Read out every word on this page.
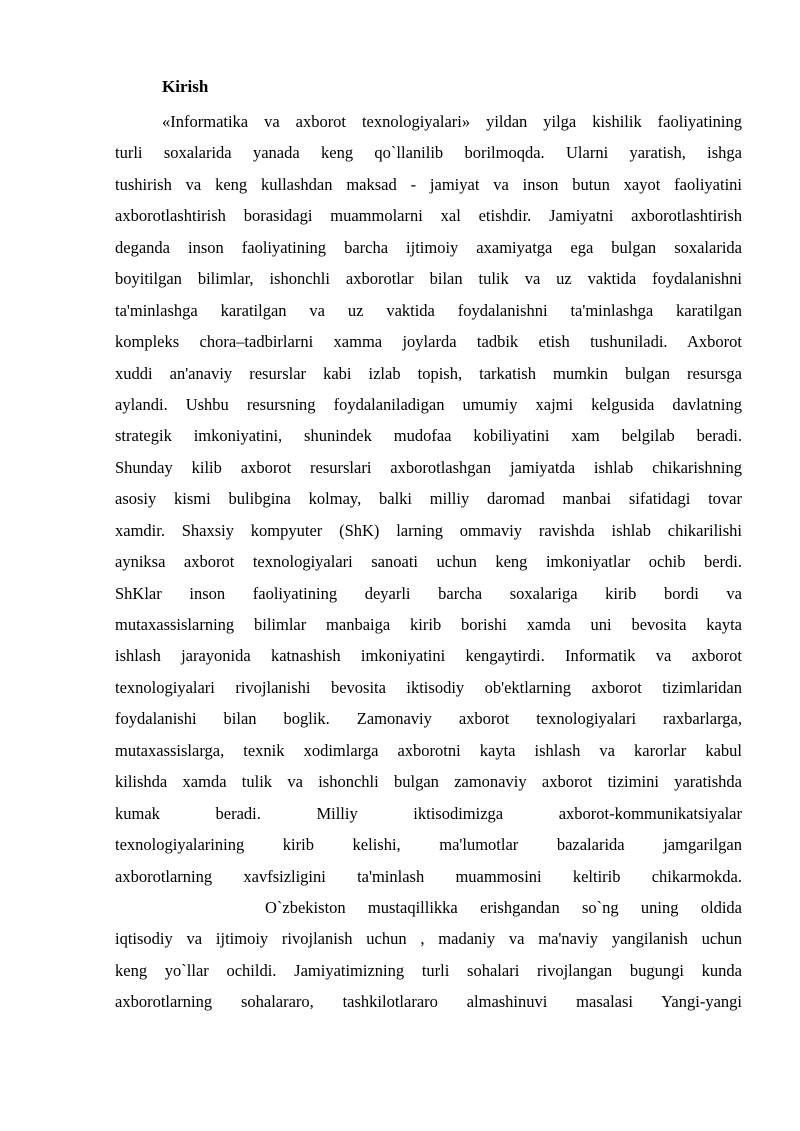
Kirish
«Informatika va axborot texnologiyalari» yildan yilga kishilik faoliyatining
turli soxalarida yanada keng qo`llanilib borilmoqda. Ularni yaratish, ishga
tushirish va keng kullashdan maksad - jamiyat va inson butun xayot faoliyatini
axborotlashtirish borasidagi muammolarni xal etishdir. Jamiyatni axborotlashtirish
deganda inson faoliyatining barcha ijtimoiy axamiyatga ega bulgan soxalarida
boyitilgan bilimlar, ishonchli axborotlar bilan tulik va uz vaktida foydalanishni
ta'minlashga karatilgan va uz vaktida foydalanishni ta'minlashga karatilgan
kompleks chora–tadbirlarni xamma joylarda tadbik etish tushuniladi. Axborot
xuddi an'anaviy resurslar kabi izlab topish, tarkatish mumkin bulgan resursga
aylandi. Ushbu resursning foydalaniladigan umumiy xajmi kelgusida davlatning
strategik imkoniyatini, shunindek mudofaa kobiliyatini xam belgilab beradi.
Shunday kilib axborot resurslari axborotlashgan jamiyatda ishlab chikarishning
asosiy kismi bulibgina kolmay, balki milliy daromad manbai sifatidagi tovar
xamdir. Shaxsiy kompyuter (ShK) larning ommaviy ravishda ishlab chikarilishi
ayniksa axborot texnologiyalari sanoati uchun keng imkoniyatlar ochib berdi.
ShKlar inson faoliyatining deyarli barcha soxalariga kirib bordi va
mutaxassislarning bilimlar manbaiga kirib borishi xamda uni bevosita kayta
ishlash jarayonida katnashish imkoniyatini kengaytirdi. Informatik va axborot
texnologiyalari rivojlanishi bevosita iktisodiy ob'ektlarning axborot tizimlaridan
foydalanishi bilan boglik. Zamonaviy axborot texnologiyalari raxbarlarga,
mutaxassislarga, texnik xodimlarga axborotni kayta ishlash va karorlar kabul
kilishda xamda tulik va ishonchli bulgan zamonaviy axborot tizimini yaratishda
kumak beradi. Milliy iktisodimizga axborot-kommunikatsiyalar
texnologiyalarining kirib kelishi, ma'lumotlar bazalarida jamgarilgan
axborotlarning xavfsizligini ta'minlash muammosini keltirib chikarmokda.
O`zbekiston mustaqillikka erishgandan so`ng uning oldida
iqtisodiy va ijtimoiy rivojlanish uchun , madaniy va ma'naviy yangilanish uchun
keng yo`llar ochildi. Jamiyatimizning turli sohalari rivojlangan bugungi kunda
axborotlarning sohalararo, tashkilotlararo almashinuvi masalasi Yangi-yangi
